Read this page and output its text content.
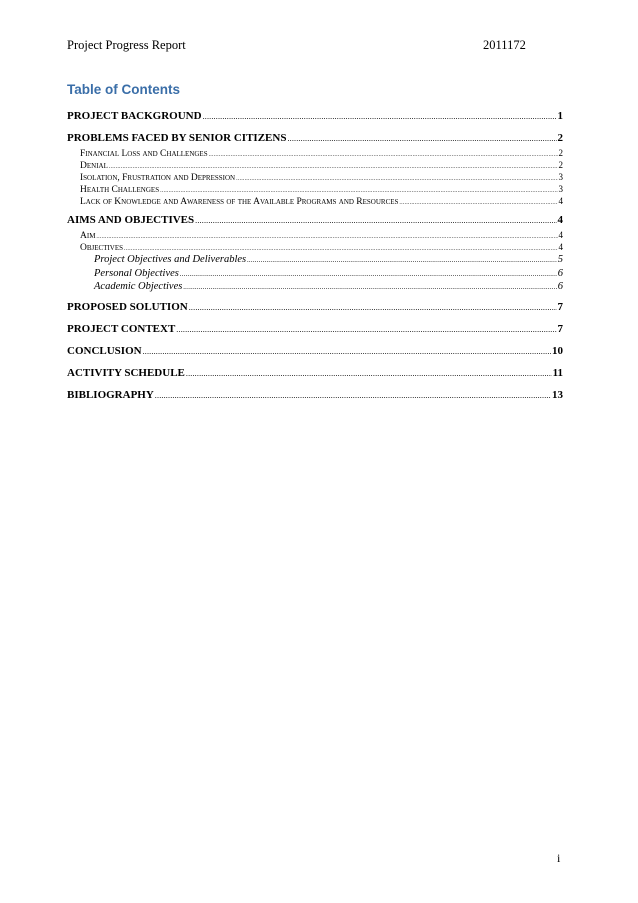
Project Progress Report	2011172
Table of Contents
PROJECT BACKGROUND .....	1
PROBLEMS FACED BY SENIOR CITIZENS .....	2
Financial Loss and Challenges .....	2
Denial .....	2
Isolation, Frustration and Depression .....	3
Health Challenges .....	3
Lack of Knowledge and Awareness of the Available Programs and Resources .....	4
AIMS AND OBJECTIVES .....	4
Aim .....	4
Objectives .....	4
Project Objectives and Deliverables .....	5
Personal Objectives .....	6
Academic Objectives .....	6
PROPOSED SOLUTION .....	7
PROJECT CONTEXT .....	7
CONCLUSION .....	10
ACTIVITY SCHEDULE .....	11
BIBLIOGRAPHY .....	13
i
